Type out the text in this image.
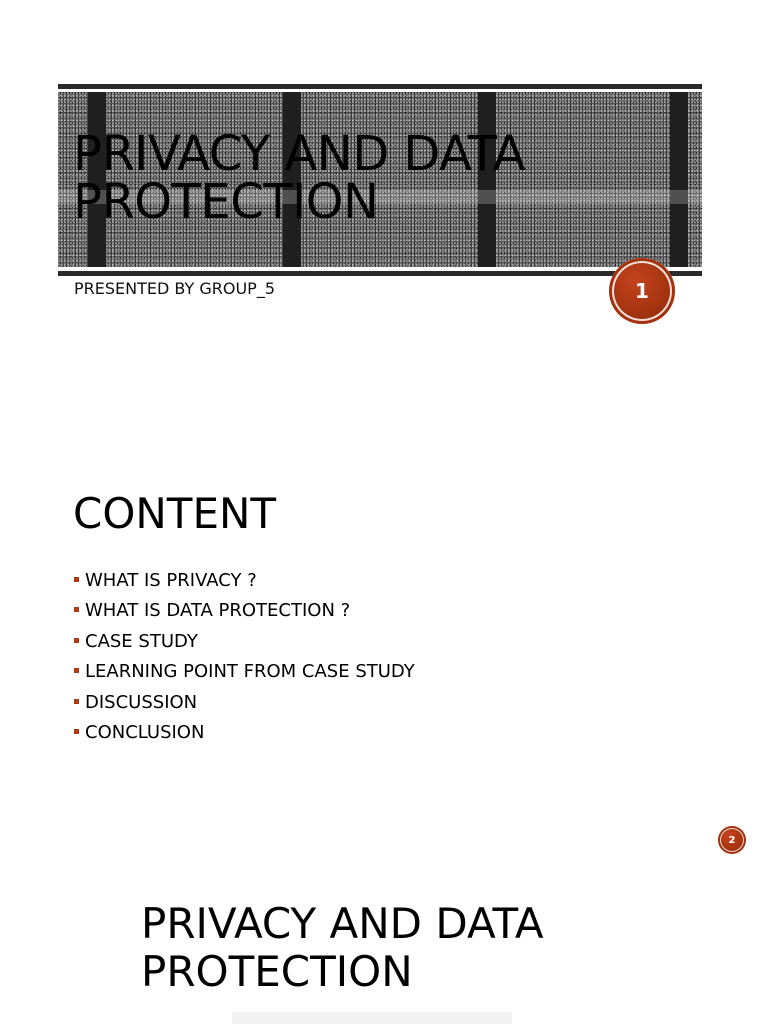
PRIVACY AND DATA PROTECTION
PRESENTED BY GROUP_5	1
CONTENT
WHAT IS PRIVACY ?
WHAT IS DATA PROTECTION ?
CASE STUDY
LEARNING POINT FROM CASE STUDY
DISCUSSION
CONCLUSION
2
PRIVACY AND DATA PROTECTION
